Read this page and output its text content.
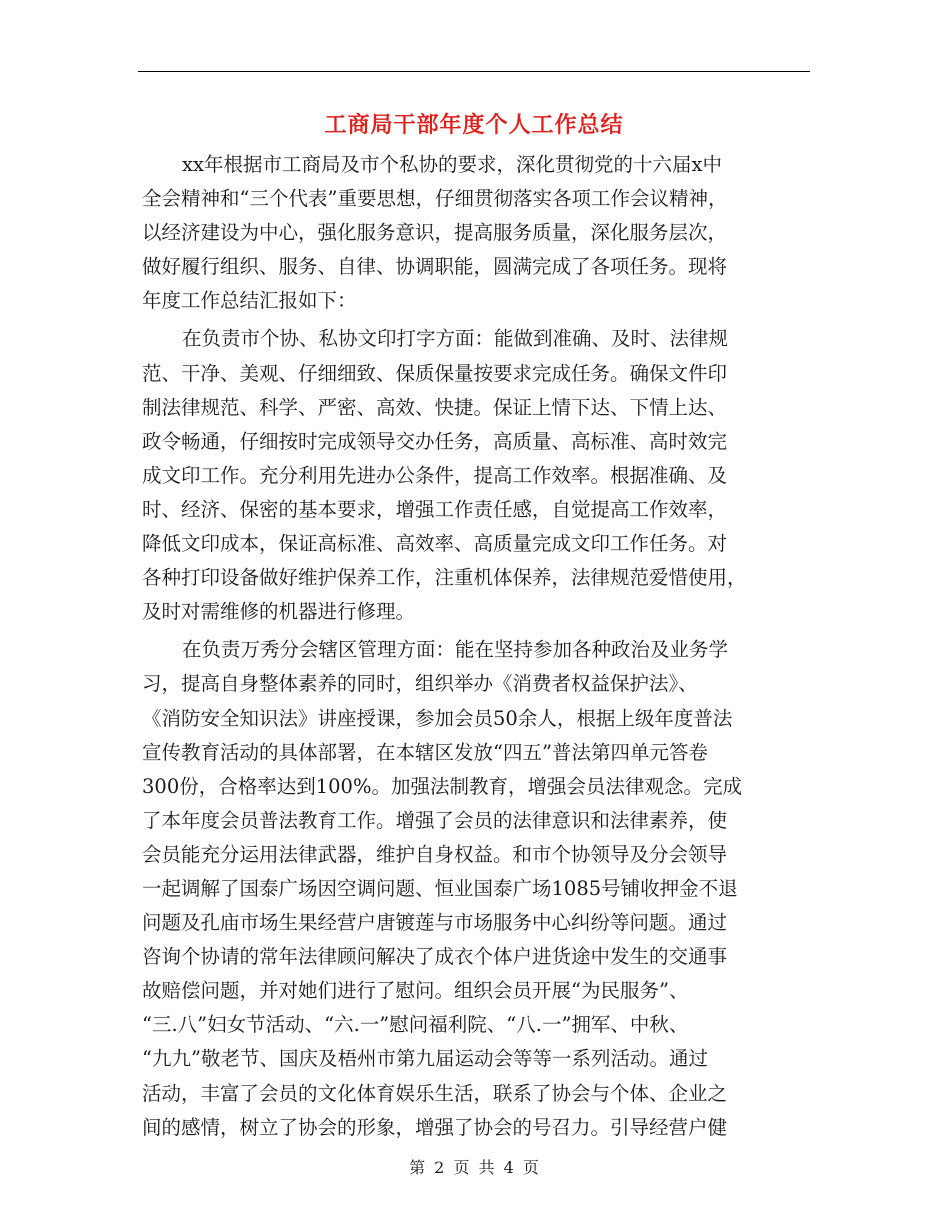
工商局干部年度个人工作总结
xx年根据市工商局及市个私协的要求，深化贯彻党的十六届x中
全会精神和“三个代表”重要思想，仔细贯彻落实各项工作会议精神，
以经济建设为中心，强化服务意识，提高服务质量，深化服务层次，
做好履行组织、服务、自律、协调职能，圆满完成了各项任务。现将
年度工作总结汇报如下：
在负责市个协、私协文印打字方面：能做到准确、及时、法律规
范、干净、美观、仔细细致、保质保量按要求完成任务。确保文件印
制法律规范、科学、严密、高效、快捷。保证上情下达、下情上达、
政令畅通，仔细按时完成领导交办任务，高质量、高标准、高时效完
成文印工作。充分利用先进办公条件，提高工作效率。根据准确、及
时、经济、保密的基本要求，增强工作责任感，自觉提高工作效率，
降低文印成本，保证高标准、高效率、高质量完成文印工作任务。对
各种打印设备做好维护保养工作，注重机体保养，法律规范爱惜使用，
及时对需维修的机器进行修理。
在负责万秀分会辖区管理方面：能在坚持参加各种政治及业务学
习，提高自身整体素养的同时，组织举办《消费者权益保护法》、
《消防安全知识法》讲座授课，参加会员50余人，根据上级年度普法
宣传教育活动的具体部署，在本辖区发放“四五”普法第四单元答卷
300份，合格率达到100%。加强法制教育，增强会员法律观念。完成
了本年度会员普法教育工作。增强了会员的法律意识和法律素养，使
会员能充分运用法律武器，维护自身权益。和市个协领导及分会领导
一起调解了国泰广场因空调问题、恒业国泰广场1085号铺收押金不退
问题及孔庙市场生果经营户唐镀莲与市场服务中心纠纷等问题。通过
咨询个协请的常年法律顾问解决了成衣个体户进货途中发生的交通事
故赔偿问题，并对她们进行了慰问。组织会员开展“为民服务”、
“三.八”妇女节活动、“六.一”慰问福利院、“八.一”拥军、中秋、
“九九”敬老节、国庆及梧州市第九届运动会等等一系列活动。通过
活动，丰富了会员的文化体育娱乐生活，联系了协会与个体、企业之
间的感情，树立了协会的形象，增强了协会的号召力。引导经营户健
第 2 页 共 4 页
